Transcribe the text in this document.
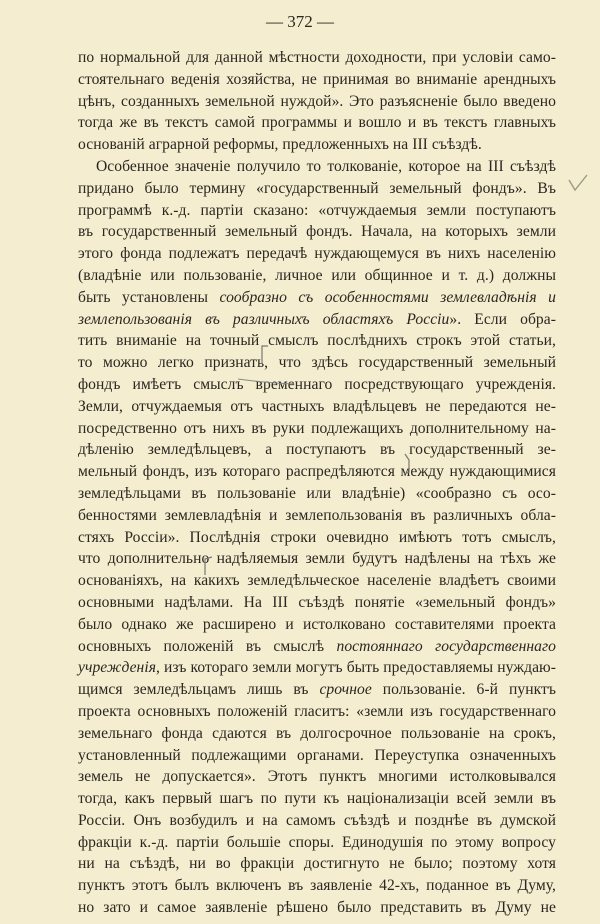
— 372 —
по нормальной для данной мѣстности доходности, при условіи само-
стоятельнаго веденія хозяйства, не принимая во вниманіе арендныхъ
цѣнъ, созданныхъ земельной нуждой». Это разъясненіе было введено
тогда же въ текстъ самой программы и вошло и въ текстъ главныхъ
основаній аграрной реформы, предложенныхъ на III съѣздѣ.
Особенное значеніе получило то толкованіе, которое на III съѣздѣ
придано было термину «государственный земельный фондъ». Въ
программѣ к.-д. партіи сказано: «отчуждаемыя земли поступаютъ
въ государственный земельный фондъ. Начала, на которыхъ земли
этого фонда подлежатъ передачѣ нуждающемуся въ нихъ населенію
(владѣніе или пользованіе, личное или общинное и т. д.) должны
быть установлены сообразно съ особенностями землевладѣнія и
землепользованія въ различныхъ областяхъ Россіи». Если обра-
тить вниманіе на точный смыслъ послѣднихъ строкъ этой статьи,
то можно легко признать, что здѣсь государственный земельный
фондъ имѣетъ смыслъ временнаго посредствующаго учрежденія.
Земли, отчуждаемыя отъ частныхъ владѣльцевъ не передаются не-
посредственно отъ нихъ въ руки подлежащихъ дополнительному на-
дѣленію земледѣльцевъ, а поступаютъ въ государственный зе-
мельный фондъ, изъ котораго распредѣляются между нуждающимися
земледѣльцами въ пользованіе или владѣніе) «сообразно съ осо-
бенностями землевладѣнія и землепользованія въ различныхъ обла-
стяхъ Россіи». Послѣднія строки очевидно имѣютъ тотъ смыслъ,
что дополнительно надѣляемыя земли будутъ надѣлены на тѣхъ же
основаніяхъ, на какихъ земледѣльческое населеніе владѣетъ своими
основными надѣлами. На III съѣздѣ понятіе «земельный фондъ»
было однако же расширено и истолковано составителями проекта
основныхъ положеній въ смыслѣ постояннаго государственнаго
учрежденія, изъ котораго земли могутъ быть предоставляемы нуждаю-
щимся земледѣльцамъ лишь въ срочное пользованіе. 6-й пунктъ
проекта основныхъ положеній гласитъ: «земли изъ государственнаго
земельнаго фонда сдаются въ долгосрочное пользованіе на срокъ,
установленный подлежащими органами. Переуступка означенныхъ
земель не допускается». Этотъ пунктъ многими истолковывался
тогда, какъ первый шагъ по пути къ націонализаціи всей земли въ
Россіи. Онъ возбудилъ и на самомъ съѣздѣ и позднѣе въ думской
фракціи к.-д. партіи большіе споры. Единодушія по этому вопросу
ни на съѣздѣ, ни во фракціи достигнуто не было; поэтому хотя
пунктъ этотъ былъ включенъ въ заявленіе 42-хъ, поданное въ Думу,
но зато и самое заявленіе рѣшено было представить въ Думу не
